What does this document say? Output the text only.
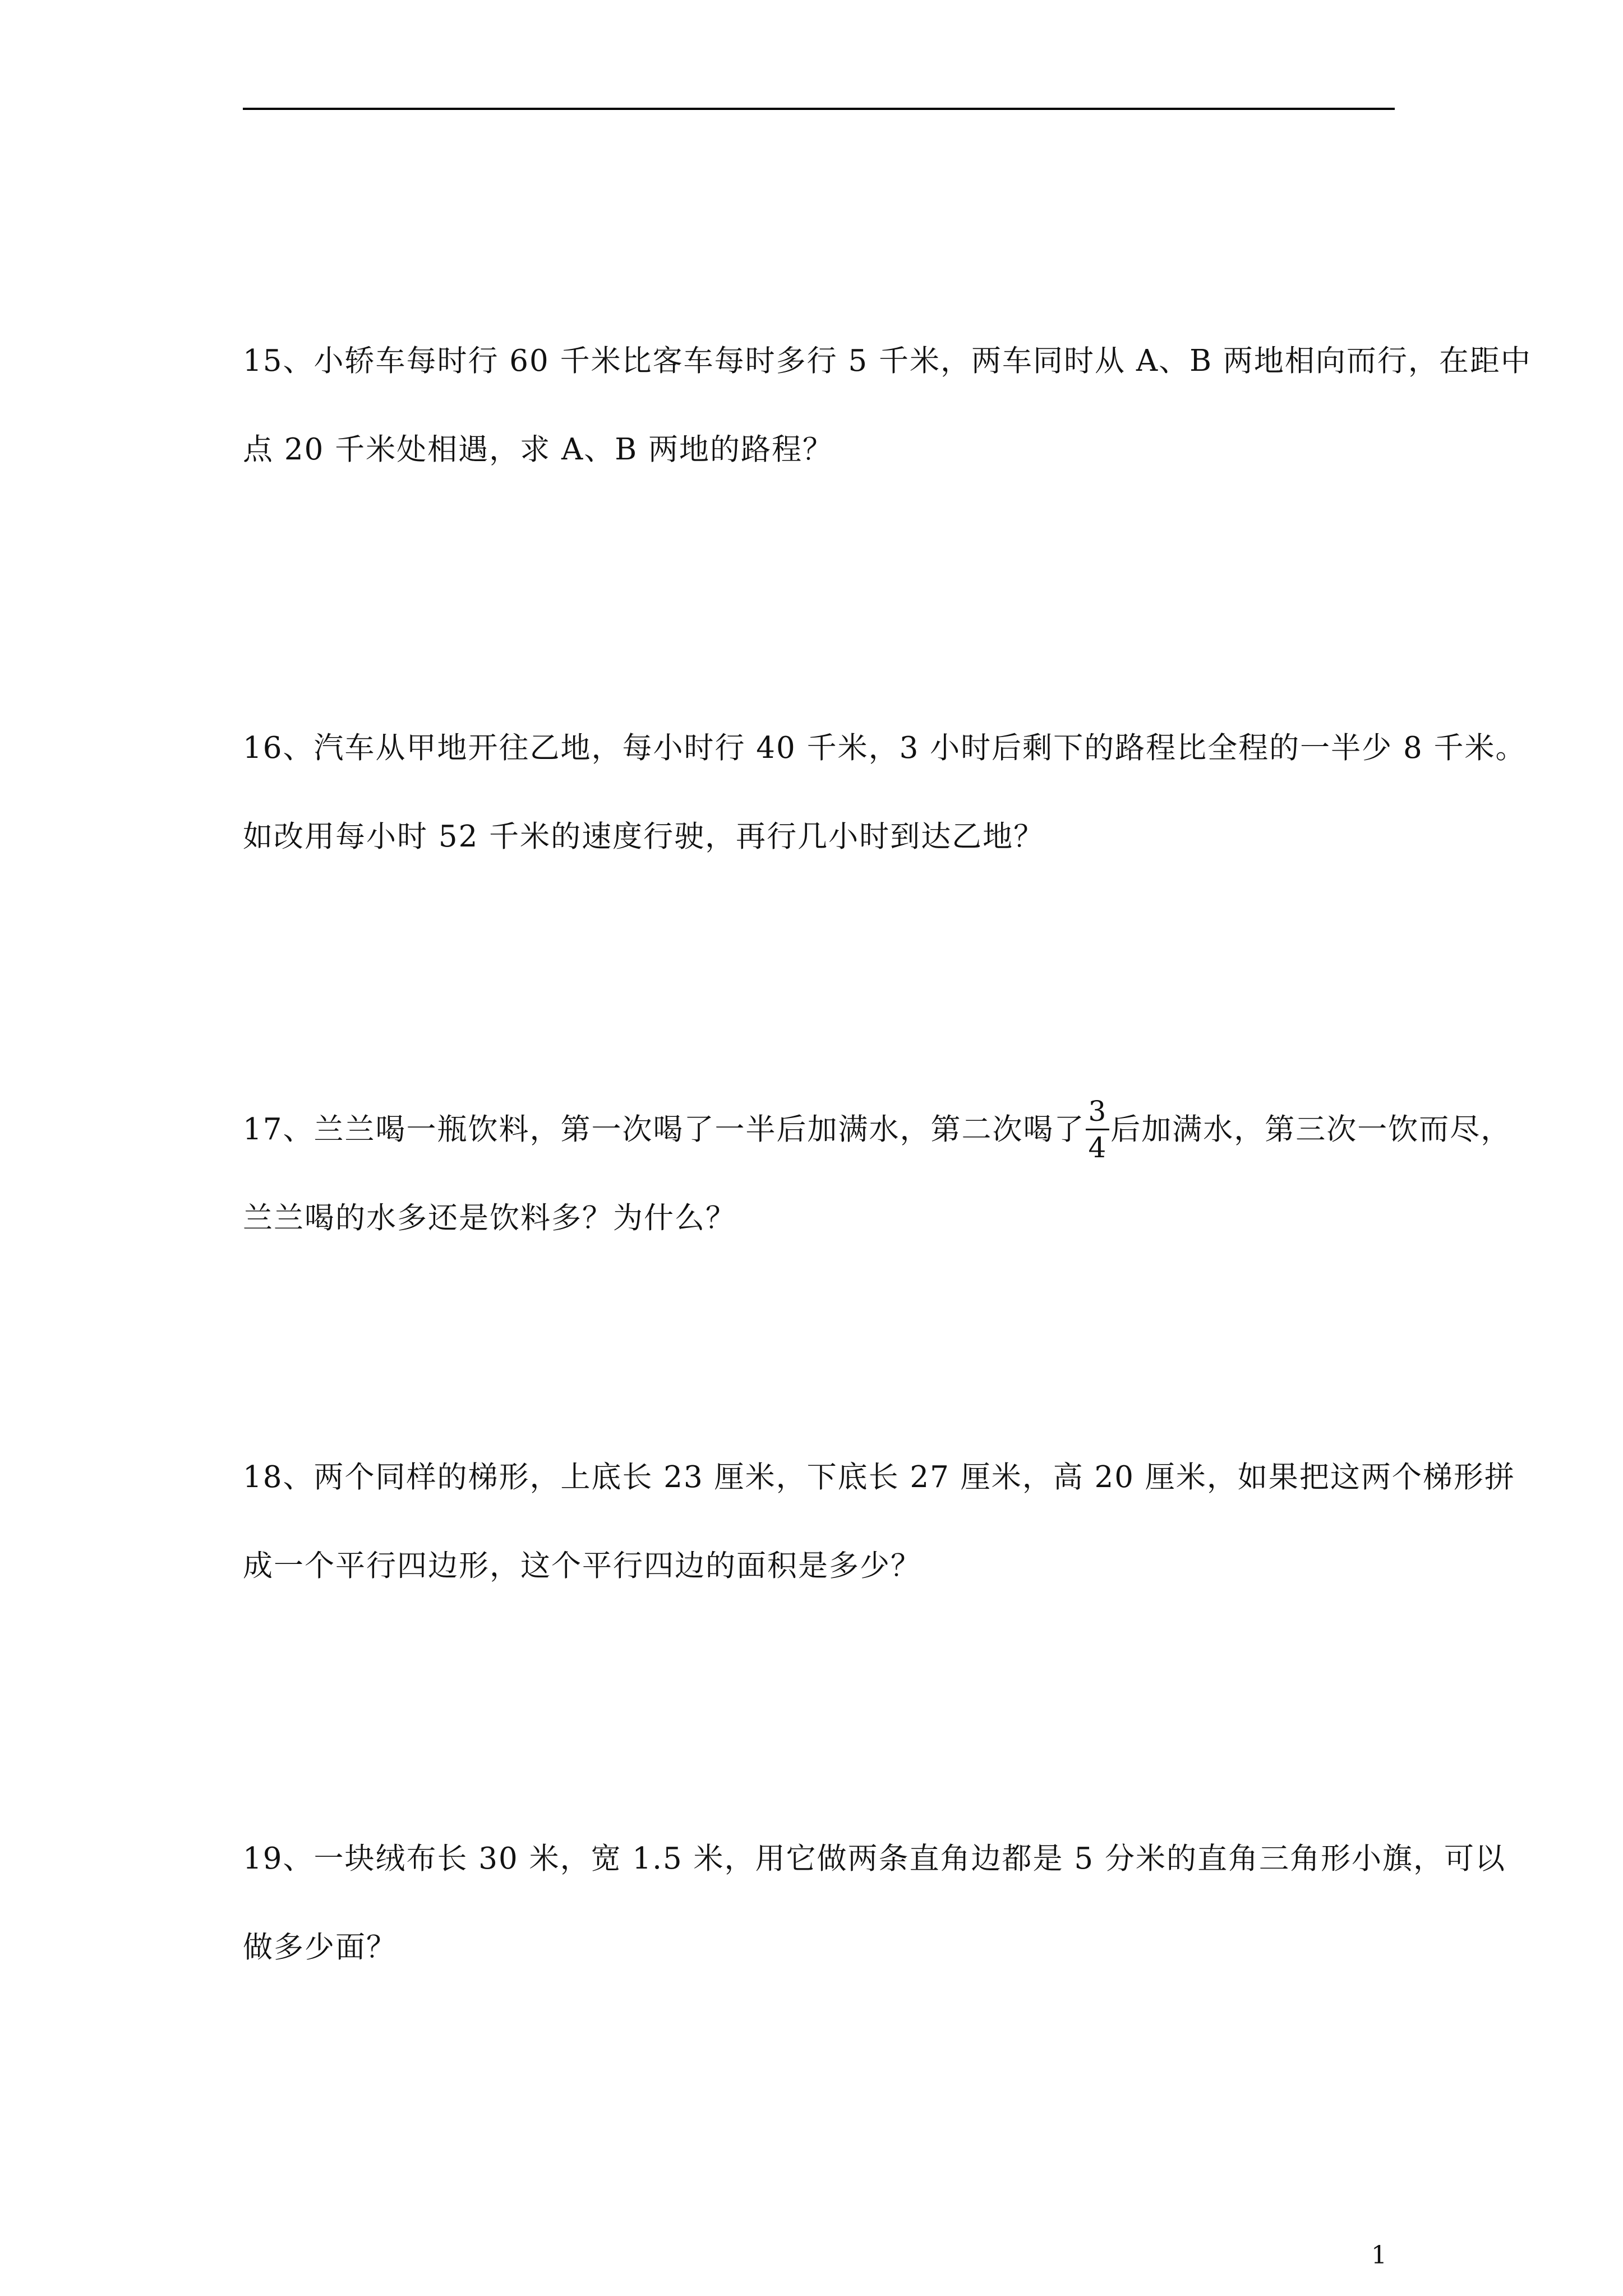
15、小轿车每时行 60 千米比客车每时多行 5 千米，两车同时从 A、B 两地相向而行，在距中
点 20 千米处相遇，求 A、B 两地的路程？
16、汽车从甲地开往乙地，每小时行 40 千米，3 小时后剩下的路程比全程的一半少 8 千米。
如改用每小时 52 千米的速度行驶，再行几小时到达乙地？
17、兰兰喝一瓶饮料，第一次喝了一半后加满水，第二次喝了 $\frac{3}{4}$ 后加满水，第三次一饮而尽，
兰兰喝的水多还是饮料多？为什么？
18、两个同样的梯形，上底长 23 厘米，下底长 27 厘米，高 20 厘米，如果把这两个梯形拼
成一个平行四边形，这个平行四边的面积是多少？
19、一块绒布长 30 米，宽 1.5 米，用它做两条直角边都是 5 分米的直角三角形小旗，可以
做多少面？
1
